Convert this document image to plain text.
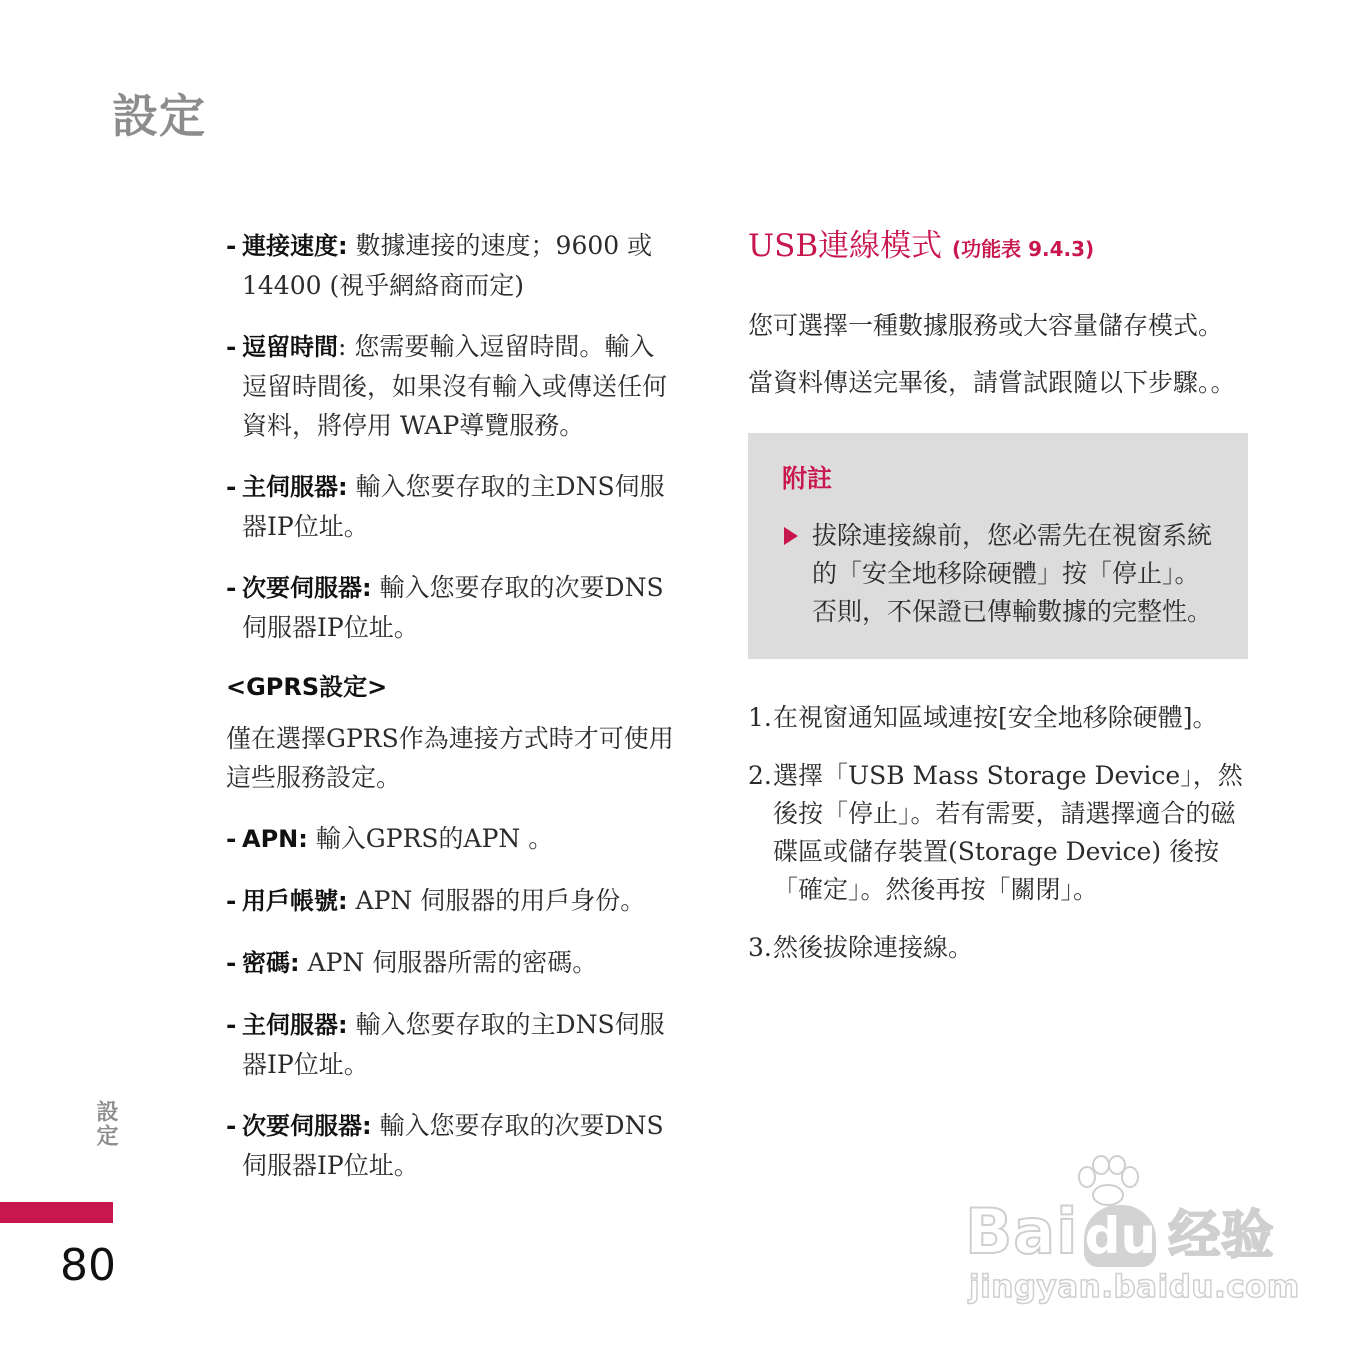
設定
- 連接速度: 數據連接的速度；9600 或 14400 (視乎網絡商而定)
- 逗留時間: 您需要輸入逗留時間。輸入逗留時間後，如果沒有輸入或傳送任何資料，將停用 WAP導覽服務。
- 主伺服器: 輸入您要存取的主DNS伺服器IP位址。
- 次要伺服器: 輸入您要存取的次要DNS伺服器IP位址。
<GPRS設定>
僅在選擇GPRS作為連接方式時才可使用這些服務設定。
- APN: 輸入GPRS的APN 。
- 用戶帳號: APN 伺服器的用戶身份。
- 密碼: APN 伺服器所需的密碼。
- 主伺服器: 輸入您要存取的主DNS伺服器IP位址。
- 次要伺服器: 輸入您要存取的次要DNS伺服器IP位址。
USB連線模式 (功能表 9.4.3)
您可選擇一種數據服務或大容量儲存模式。
當資料傳送完畢後，請嘗試跟隨以下步驟。。
附註
拔除連接線前，您必需先在視窗系統的「安全地移除硬體」按「停止」。否則，不保證已傳輸數據的完整性。
1. 在視窗通知區域連按[安全地移除硬體]。
2. 選擇「USB Mass Storage Device」，然後按「停止」。若有需要，請選擇適合的磁碟區或儲存裝置(Storage Device) 後按「確定」。然後再按「關閉」。
3. 然後拔除連接線。
設定
80	Ba i du 经验
jingyan.baidu.com
